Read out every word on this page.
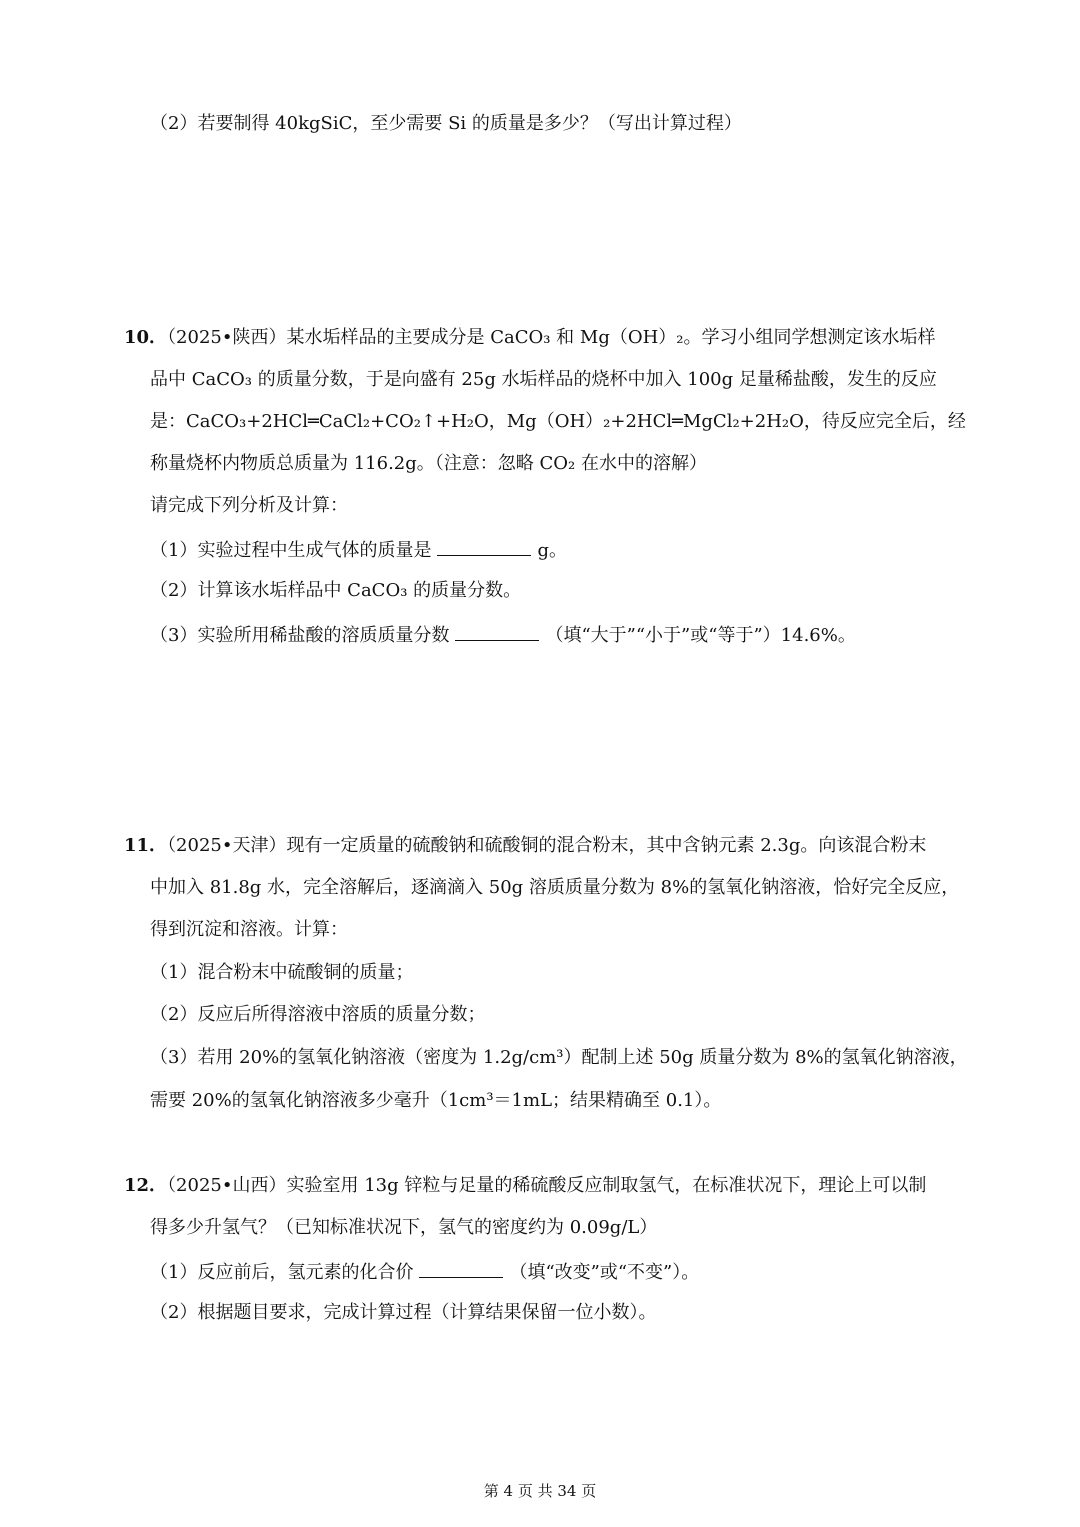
（2）若要制得 40kgSiC，至少需要 Si 的质量是多少？（写出计算过程）
10．（2025•陕西）某水垢样品的主要成分是 CaCO₃ 和 Mg（OH）₂。学习小组同学想测定该水垢样
品中 CaCO₃ 的质量分数，于是向盛有 25g 水垢样品的烧杯中加入 100g 足量稀盐酸，发生的反应
是：CaCO₃+2HCl═CaCl₂+CO₂↑+H₂O，Mg（OH）₂+2HCl═MgCl₂+2H₂O，待反应完全后，经
称量烧杯内物质总质量为 116.2g。（注意：忽略 CO₂ 在水中的溶解）
请完成下列分析及计算：
（1）实验过程中生成气体的质量是	g。
（2）计算该水垢样品中 CaCO₃ 的质量分数。
（3）实验所用稀盐酸的溶质质量分数	（填“大于”“小于”或“等于”）14.6%。
11．（2025•天津）现有一定质量的硫酸钠和硫酸铜的混合粉末，其中含钠元素 2.3g。向该混合粉末
中加入 81.8g 水，完全溶解后，逐滴滴入 50g 溶质质量分数为 8%的氢氧化钠溶液，恰好完全反应，
得到沉淀和溶液。计算：
（1）混合粉末中硫酸铜的质量；
（2）反应后所得溶液中溶质的质量分数；
（3）若用 20%的氢氧化钠溶液（密度为 1.2g/cm³）配制上述 50g 质量分数为 8%的氢氧化钠溶液，
需要 20%的氢氧化钠溶液多少毫升（1cm³＝1mL；结果精确至 0.1）。
12．（2025•山西）实验室用 13g 锌粒与足量的稀硫酸反应制取氢气，在标准状况下，理论上可以制
得多少升氢气？（已知标准状况下，氢气的密度约为 0.09g/L）
（1）反应前后，氢元素的化合价	（填“改变”或“不变”）。
（2）根据题目要求，完成计算过程（计算结果保留一位小数）。
第 4 页 共 34 页
